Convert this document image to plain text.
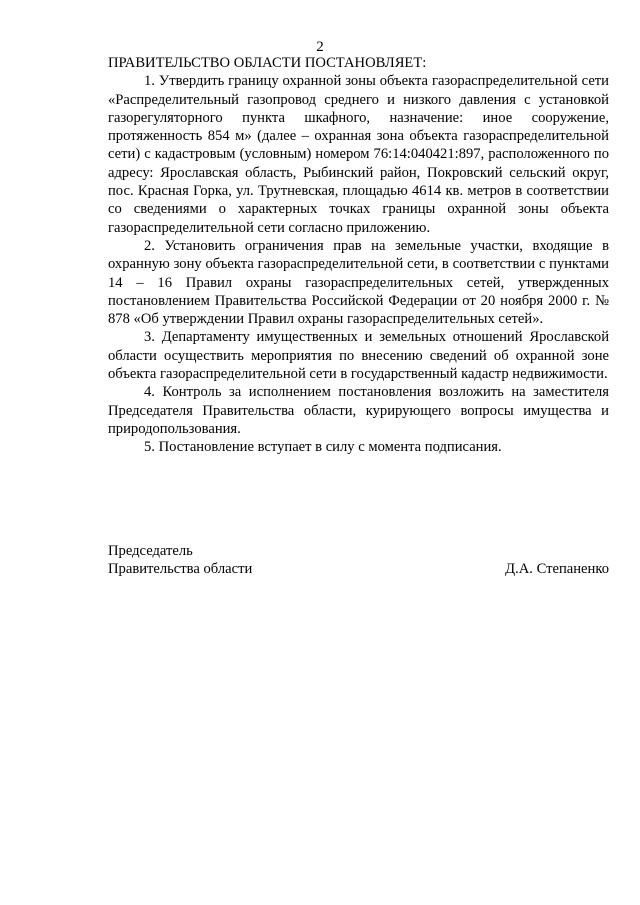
2

ПРАВИТЕЛЬСТВО ОБЛАСТИ ПОСТАНОВЛЯЕТ:

1. Утвердить границу охранной зоны объекта газораспределительной сети «Распределительный газопровод среднего и низкого давления с установкой газорегуляторного пункта шкафного, назначение: иное сооружение, протяженность 854 м» (далее – охранная зона объекта газораспределительной сети) с кадастровым (условным) номером 76:14:040421:897, расположенного по адресу: Ярославская область, Рыбинский район, Покровский сельский округ, пос. Красная Горка, ул. Трутневская, площадью 4614 кв. метров в соответствии со сведениями о характерных точках границы охранной зоны объекта газораспределительной сети согласно приложению.

2. Установить ограничения прав на земельные участки, входящие в охранную зону объекта газораспределительной сети, в соответствии с пунктами 14 – 16 Правил охраны газораспределительных сетей, утвержденных постановлением Правительства Российской Федерации от 20 ноября 2000 г. № 878 «Об утверждении Правил охраны газораспределительных сетей».

3. Департаменту имущественных и земельных отношений Ярославской области осуществить мероприятия по внесению сведений об охранной зоне объекта газораспределительной сети в государственный кадастр недвижимости.

4. Контроль за исполнением постановления возложить на заместителя Председателя Правительства области, курирующего вопросы имущества и природопользования.

5. Постановление вступает в силу с момента подписания.

Председатель
Правительства области	Д.А. Степаненко
